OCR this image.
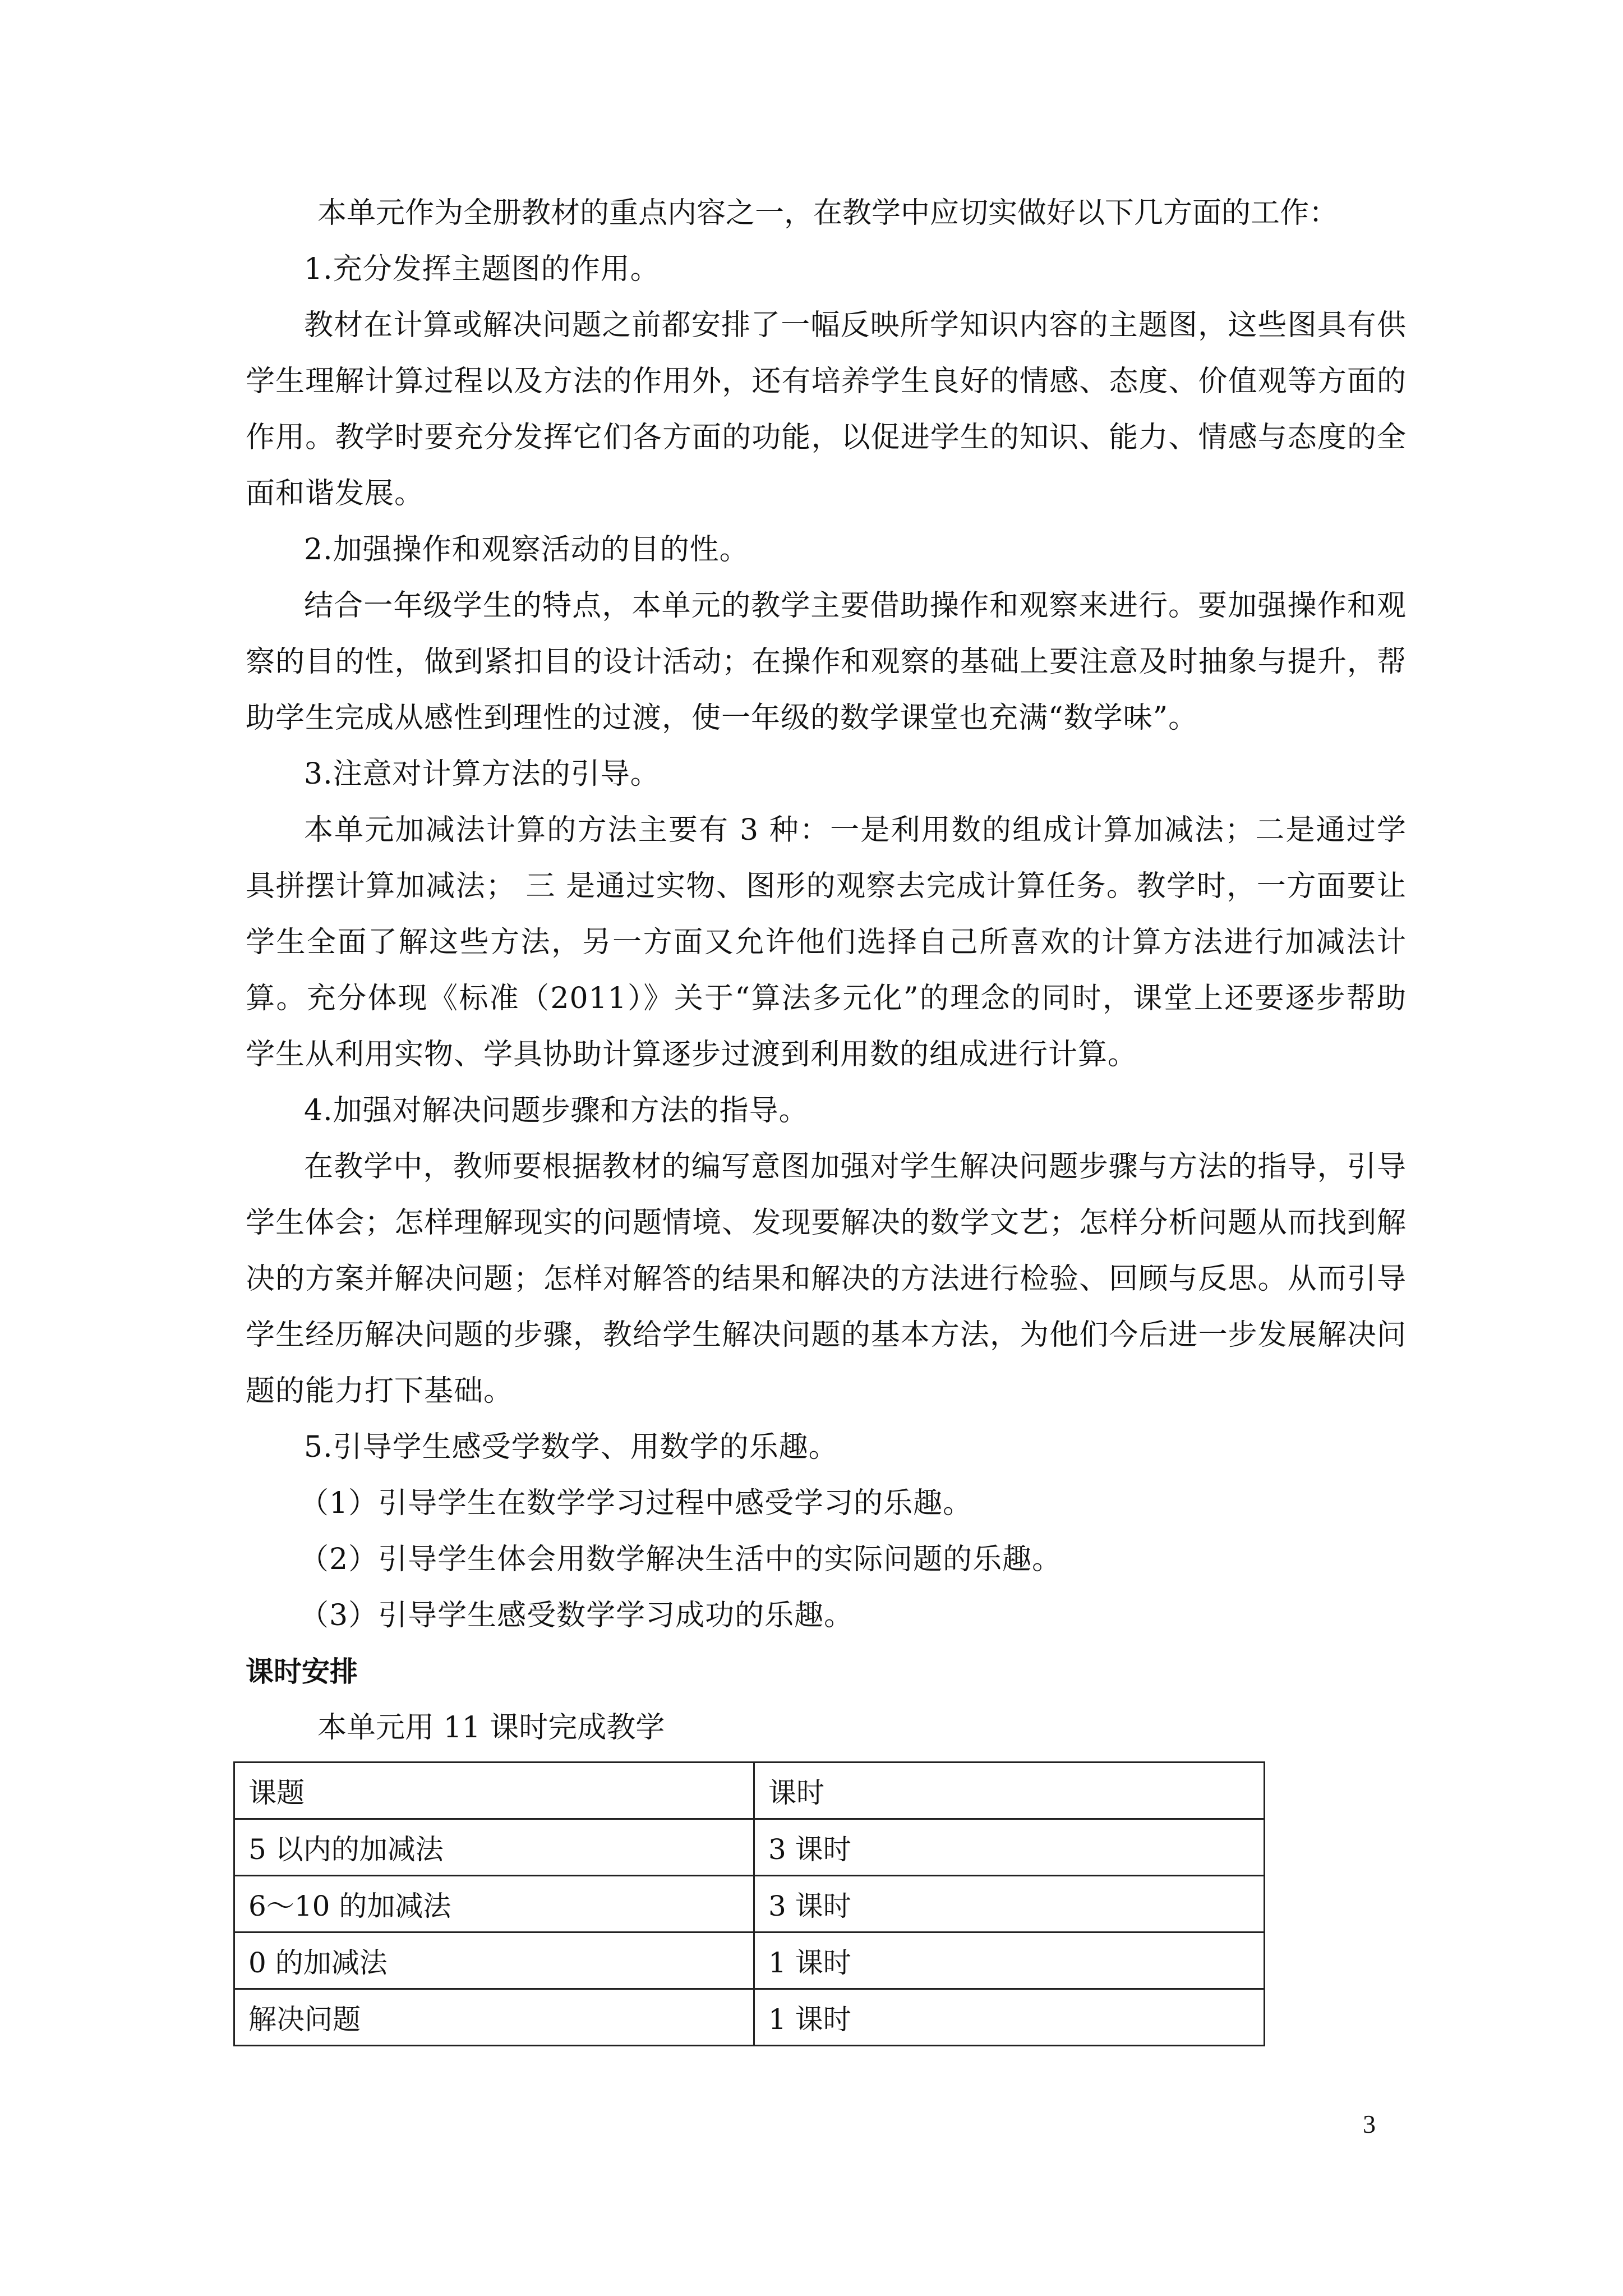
本单元作为全册教材的重点内容之一，在教学中应切实做好以下几方面的工作：

1.充分发挥主题图的作用。

教材在计算或解决问题之前都安排了一幅反映所学知识内容的主题图，这些图具有供学生理解计算过程以及方法的作用外，还有培养学生良好的情感、态度、价值观等方面的作用。教学时要充分发挥它们各方面的功能，以促进学生的知识、能力、情感与态度的全面和谐发展。

2.加强操作和观察活动的目的性。

结合一年级学生的特点，本单元的教学主要借助操作和观察来进行。要加强操作和观察的目的性，做到紧扣目的设计活动；在操作和观察的基础上要注意及时抽象与提升，帮助学生完成从感性到理性的过渡，使一年级的数学课堂也充满“数学味”。

3.注意对计算方法的引导。

本单元加减法计算的方法主要有 3 种：一是利用数的组成计算加减法；二是通过学具拼摆计算加减法； 三 是通过实物、图形的观察去完成计算任务。教学时，一方面要让学生全面了解这些方法，另一方面又允许他们选择自己所喜欢的计算方法进行加减法计算。充分体现《标准（2011）》关于“算法多元化”的理念的同时，课堂上还要逐步帮助学生从利用实物、学具协助计算逐步过渡到利用数的组成进行计算。

4.加强对解决问题步骤和方法的指导。

在教学中，教师要根据教材的编写意图加强对学生解决问题步骤与方法的指导，引导学生体会；怎样理解现实的问题情境、发现要解决的数学文艺；怎样分析问题从而找到解决的方案并解决问题；怎样对解答的结果和解决的方法进行检验、回顾与反思。从而引导学生经历解决问题的步骤，教给学生解决问题的基本方法，为他们今后进一步发展解决问题的能力打下基础。

5.引导学生感受学数学、用数学的乐趣。

（1）引导学生在数学学习过程中感受学习的乐趣。

（2）引导学生体会用数学解决生活中的实际问题的乐趣。

（3）引导学生感受数学学习成功的乐趣。

课时安排

本单元用 11 课时完成教学

课题	课时
5 以内的加减法	3 课时
6～10 的加减法	3 课时
0 的加减法	1 课时
解决问题	1 课时
3
